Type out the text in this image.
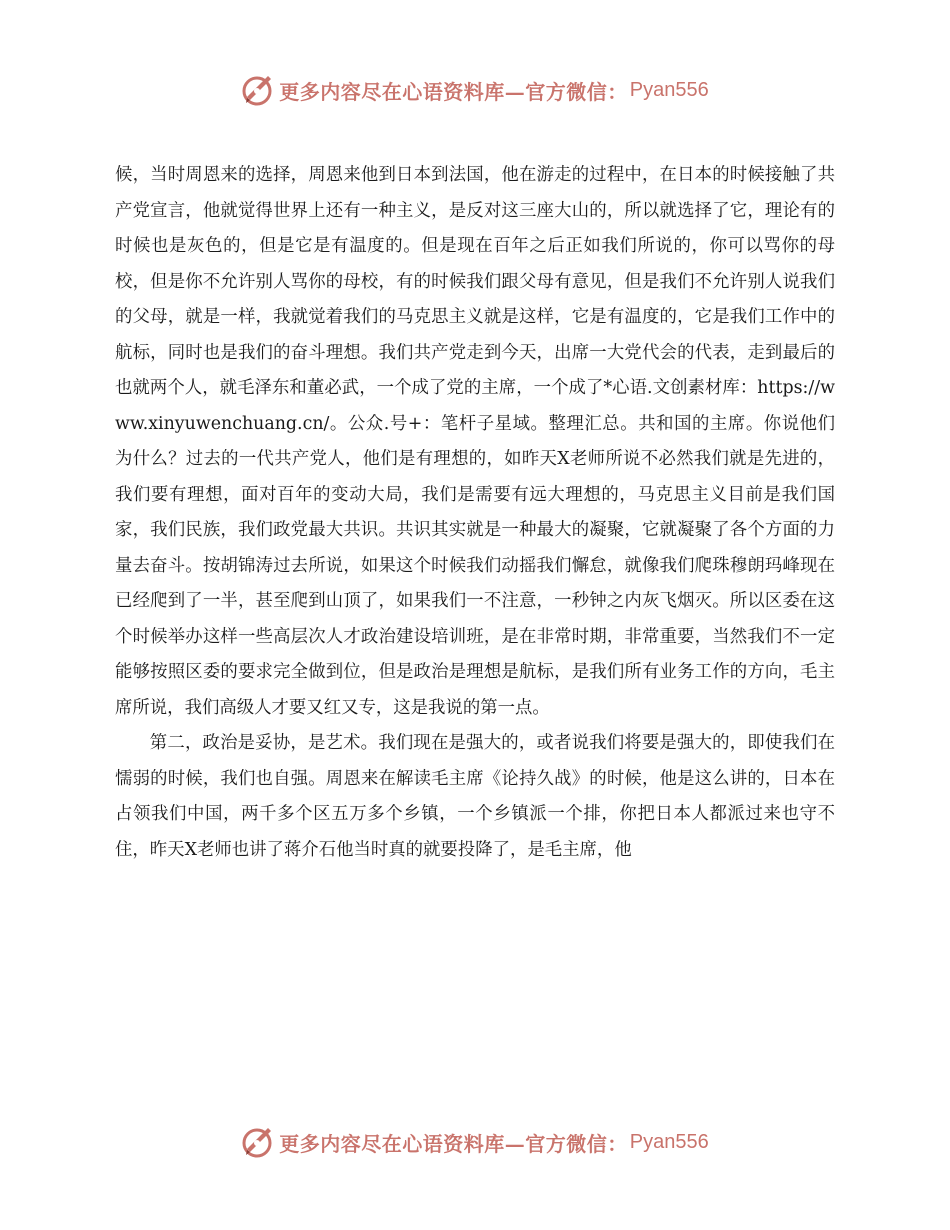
更多内容尽在心语资料库—官方微信： Pyan556

候，当时周恩来的选择，周恩来他到日本到法国，他在游走的过程中，在日本的时候接触了共产党宣言，他就觉得世界上还有一种主义，是反对这三座大山的，所以就选择了它，理论有的时候也是灰色的，但是它是有温度的。但是现在百年之后正如我们所说的，你可以骂你的母校，但是你不允许别人骂你的母校，有的时候我们跟父母有意见，但是我们不允许别人说我们的父母，就是一样，我就觉着我们的马克思主义就是这样，它是有温度的，它是我们工作中的航标，同时也是我们的奋斗理想。我们共产党走到今天，出席一大党代会的代表，走到最后的也就两个人，就毛泽东和董必武，一个成了党的主席，一个成了*心语.文创素材库：https://www.xinyuwenchuang.cn/。公众.号+：笔杆子星域。整理汇总。共和国的主席。你说他们为什么？过去的一代共产党人，他们是有理想的，如昨天X老师所说不必然我们就是先进的，我们要有理想，面对百年的变动大局，我们是需要有远大理想的，马克思主义目前是我们国家，我们民族，我们政党最大共识。共识其实就是一种最大的凝聚，它就凝聚了各个方面的力量去奋斗。按胡锦涛过去所说，如果这个时候我们动摇我们懈怠，就像我们爬珠穆朗玛峰现在已经爬到了一半，甚至爬到山顶了，如果我们一不注意，一秒钟之内灰飞烟灭。所以区委在这个时候举办这样一些高层次人才政治建设培训班，是在非常时期，非常重要，当然我们不一定能够按照区委的要求完全做到位，但是政治是理想是航标，是我们所有业务工作的方向，毛主席所说，我们高级人才要又红又专，这是我说的第一点。

第二，政治是妥协，是艺术。我们现在是强大的，或者说我们将要是强大的，即使我们在懦弱的时候，我们也自强。周恩来在解读毛主席《论持久战》的时候，他是这么讲的，日本在占领我们中国，两千多个区五万多个乡镇，一个乡镇派一个排，你把日本人都派过来也守不住，昨天X老师也讲了蒋介石他当时真的就要投降了，是毛主席，他

更多内容尽在心语资料库—官方微信： Pyan556
